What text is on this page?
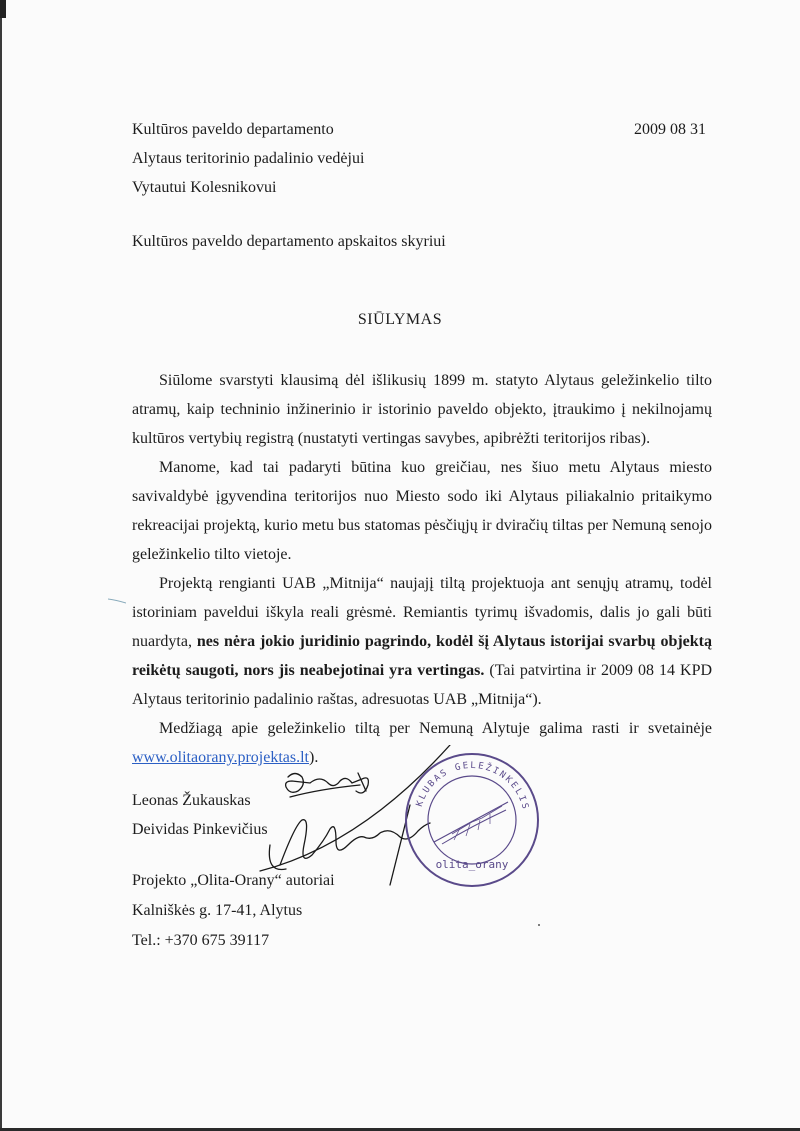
Kultūros paveldo departamento
Alytaus teritorinio padalinio vedėjui
Vytautui Kolesnikovui
2009 08 31
Kultūros paveldo departamento apskaitos skyriui
SIŪLYMAS

Siūlome svarstyti klausimą dėl išlikusių 1899 m. statyto Alytaus geležinkelio tilto atramų, kaip techninio inžinerinio ir istorinio paveldo objekto, įtraukimo į nekilnojamų kultūros vertybių registrą (nustatyti vertingas savybes, apibrėžti teritorijos ribas).

Manome, kad tai padaryti būtina kuo greičiau, nes šiuo metu Alytaus miesto savivaldybė įgyvendina teritorijos nuo Miesto sodo iki Alytaus piliakalnio pritaikymo rekreacijai projektą, kurio metu bus statomas pėsčiųjų ir dviračių tiltas per Nemuną senojo geležinkelio tilto vietoje.

Projektą rengianti UAB „Mitnija“ naujajį tiltą projektuoja ant senųjų atramų, todėl istoriniam paveldui iškyla reali grėsmė. Remiantis tyrimų išvadomis, dalis jo gali būti nuardyta, nes nėra jokio juridinio pagrindo, kodėl šį Alytaus istorijai svarbų objektą reikėtų saugoti, nors jis neabejotinai yra vertingas. (Tai patvirtina ir 2009 08 14 KPD Alytaus teritorinio padalinio raštas, adresuotas UAB „Mitnija“).

Medžiagą apie geležinkelio tiltą per Nemuną Alytuje galima rasti ir svetainėje www.olitaorany.projektas.lt).

Leonas Žukauskas
Deividas Pinkevičius
Projekto „Olita-Orany“ autoriai
Kalniškės g. 17-41, Alytus
Tel.: +370 675 39117
KLUBAS GELEŽINKELIS
olita_orany
